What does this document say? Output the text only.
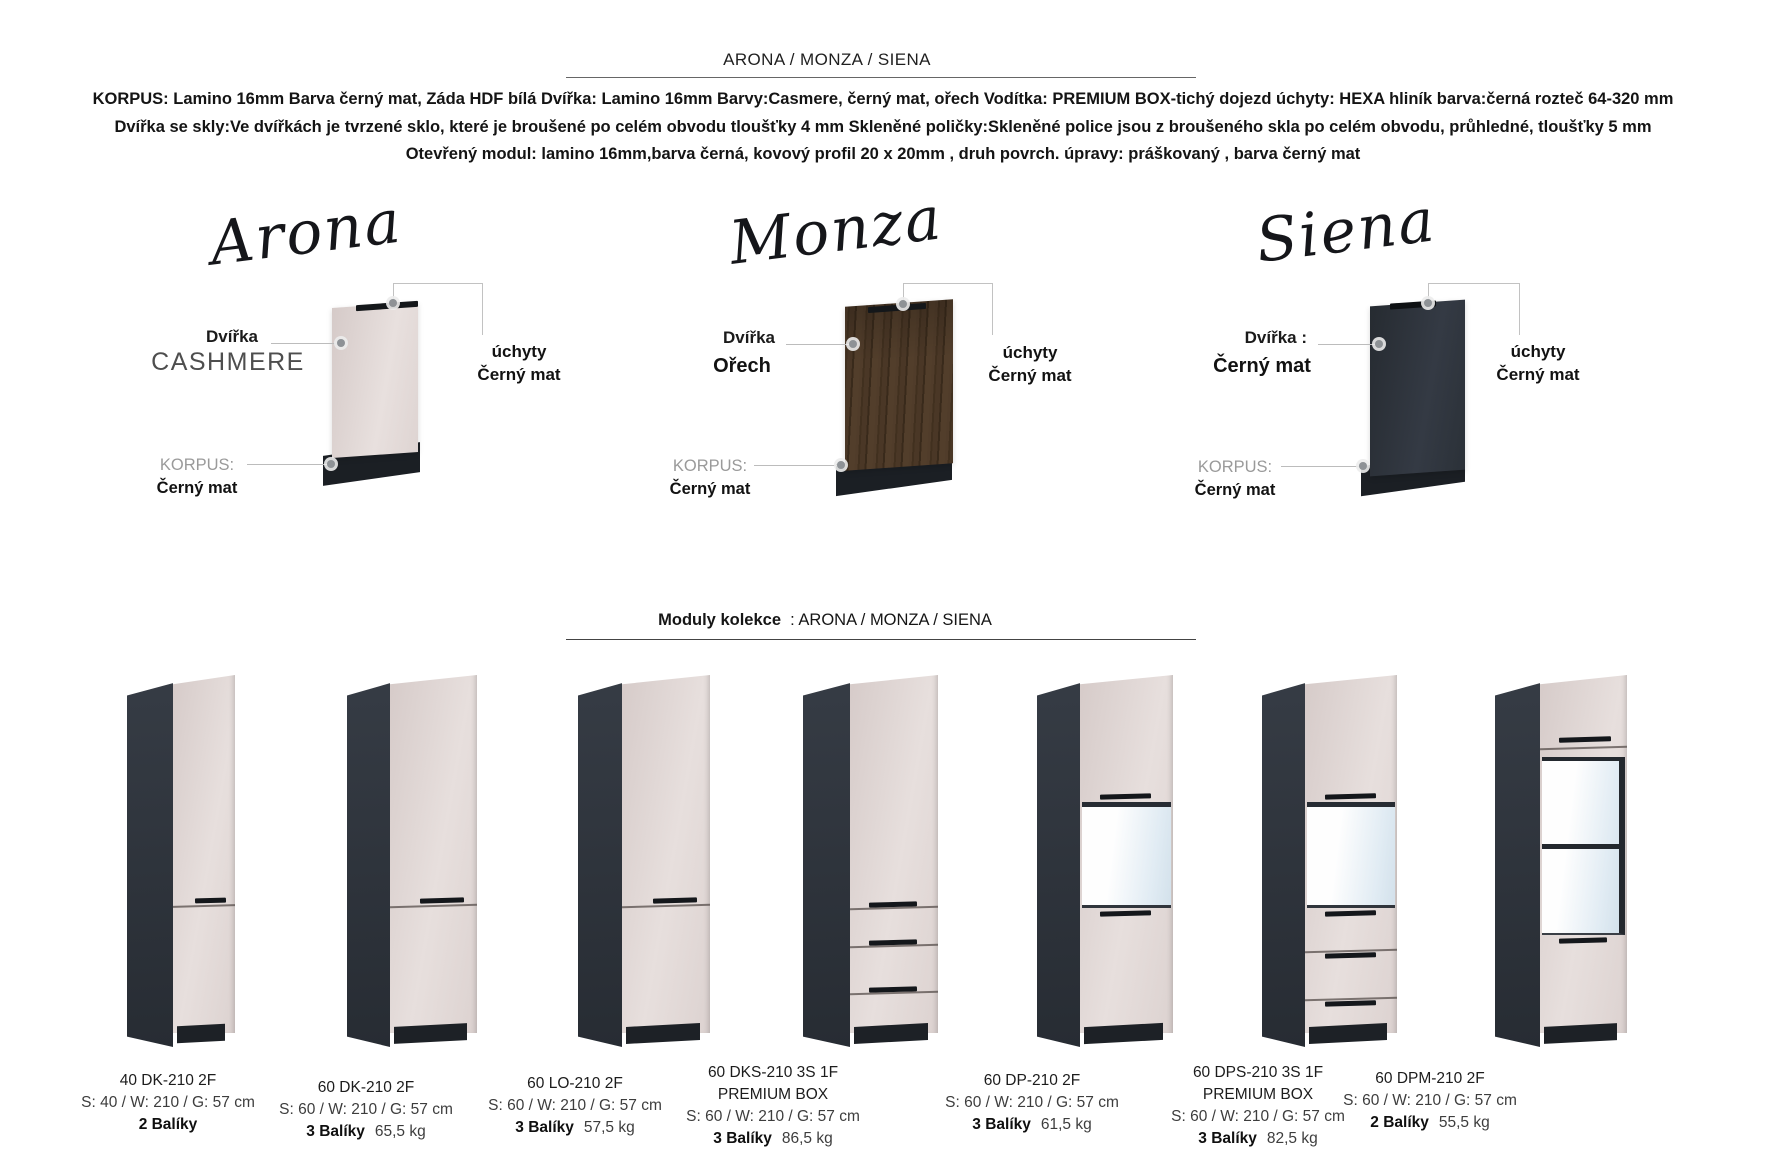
ARONA / MONZA / SIENA
KORPUS: Lamino 16mm Barva černý mat, Záda HDF bílá Dvířka: Lamino 16mm Barvy:Casmere, černý mat, ořech Vodítka: PREMIUM BOX-tichý dojezd úchyty: HEXA hliník barva:černá rozteč 64-320 mm
Dvířka se skly:Ve dvířkách je tvrzené sklo, které je broušené po celém obvodu tloušťky 4 mm Skleněné poličky:Skleněné police jsou z broušeného skla po celém obvodu, průhledné, tloušťky 5 mm
Otevřený modul: lamino 16mm,barva černá, kovový profil 20 x 20mm , druh povrch. úpravy: práškovaný , barva černý mat
Arona
úchyty
Černý mat
Dvířka
CASHMERE
KORPUS:
Černý mat
Monza
úchyty
Černý mat
Dvířka
Ořech
KORPUS:
Černý mat
Siena
úchyty
Černý mat
Dvířka :
Černý mat
KORPUS:
Černý mat
Moduly kolekce  : ARONA / MONZA / SIENA
40 DK-210 2F
S: 40 / W: 210 / G: 57 cm
2 Balíky
60 DK-210 2F
S: 60 / W: 210 / G: 57 cm
3 Balíky 65,5 kg
60 LO-210 2F
S: 60 / W: 210 / G: 57 cm
3 Balíky 57,5 kg
60 DKS-210 3S 1F
PREMIUM BOX
S: 60 / W: 210 / G: 57 cm
3 Balíky 86,5 kg
60 DP-210 2F
S: 60 / W: 210 / G: 57 cm
3 Balíky 61,5 kg
60 DPS-210 3S 1F
PREMIUM BOX
S: 60 / W: 210 / G: 57 cm
3 Balíky 82,5 kg
60 DPM-210 2F
S: 60 / W: 210 / G: 57 cm
2 Balíky 55,5 kg
